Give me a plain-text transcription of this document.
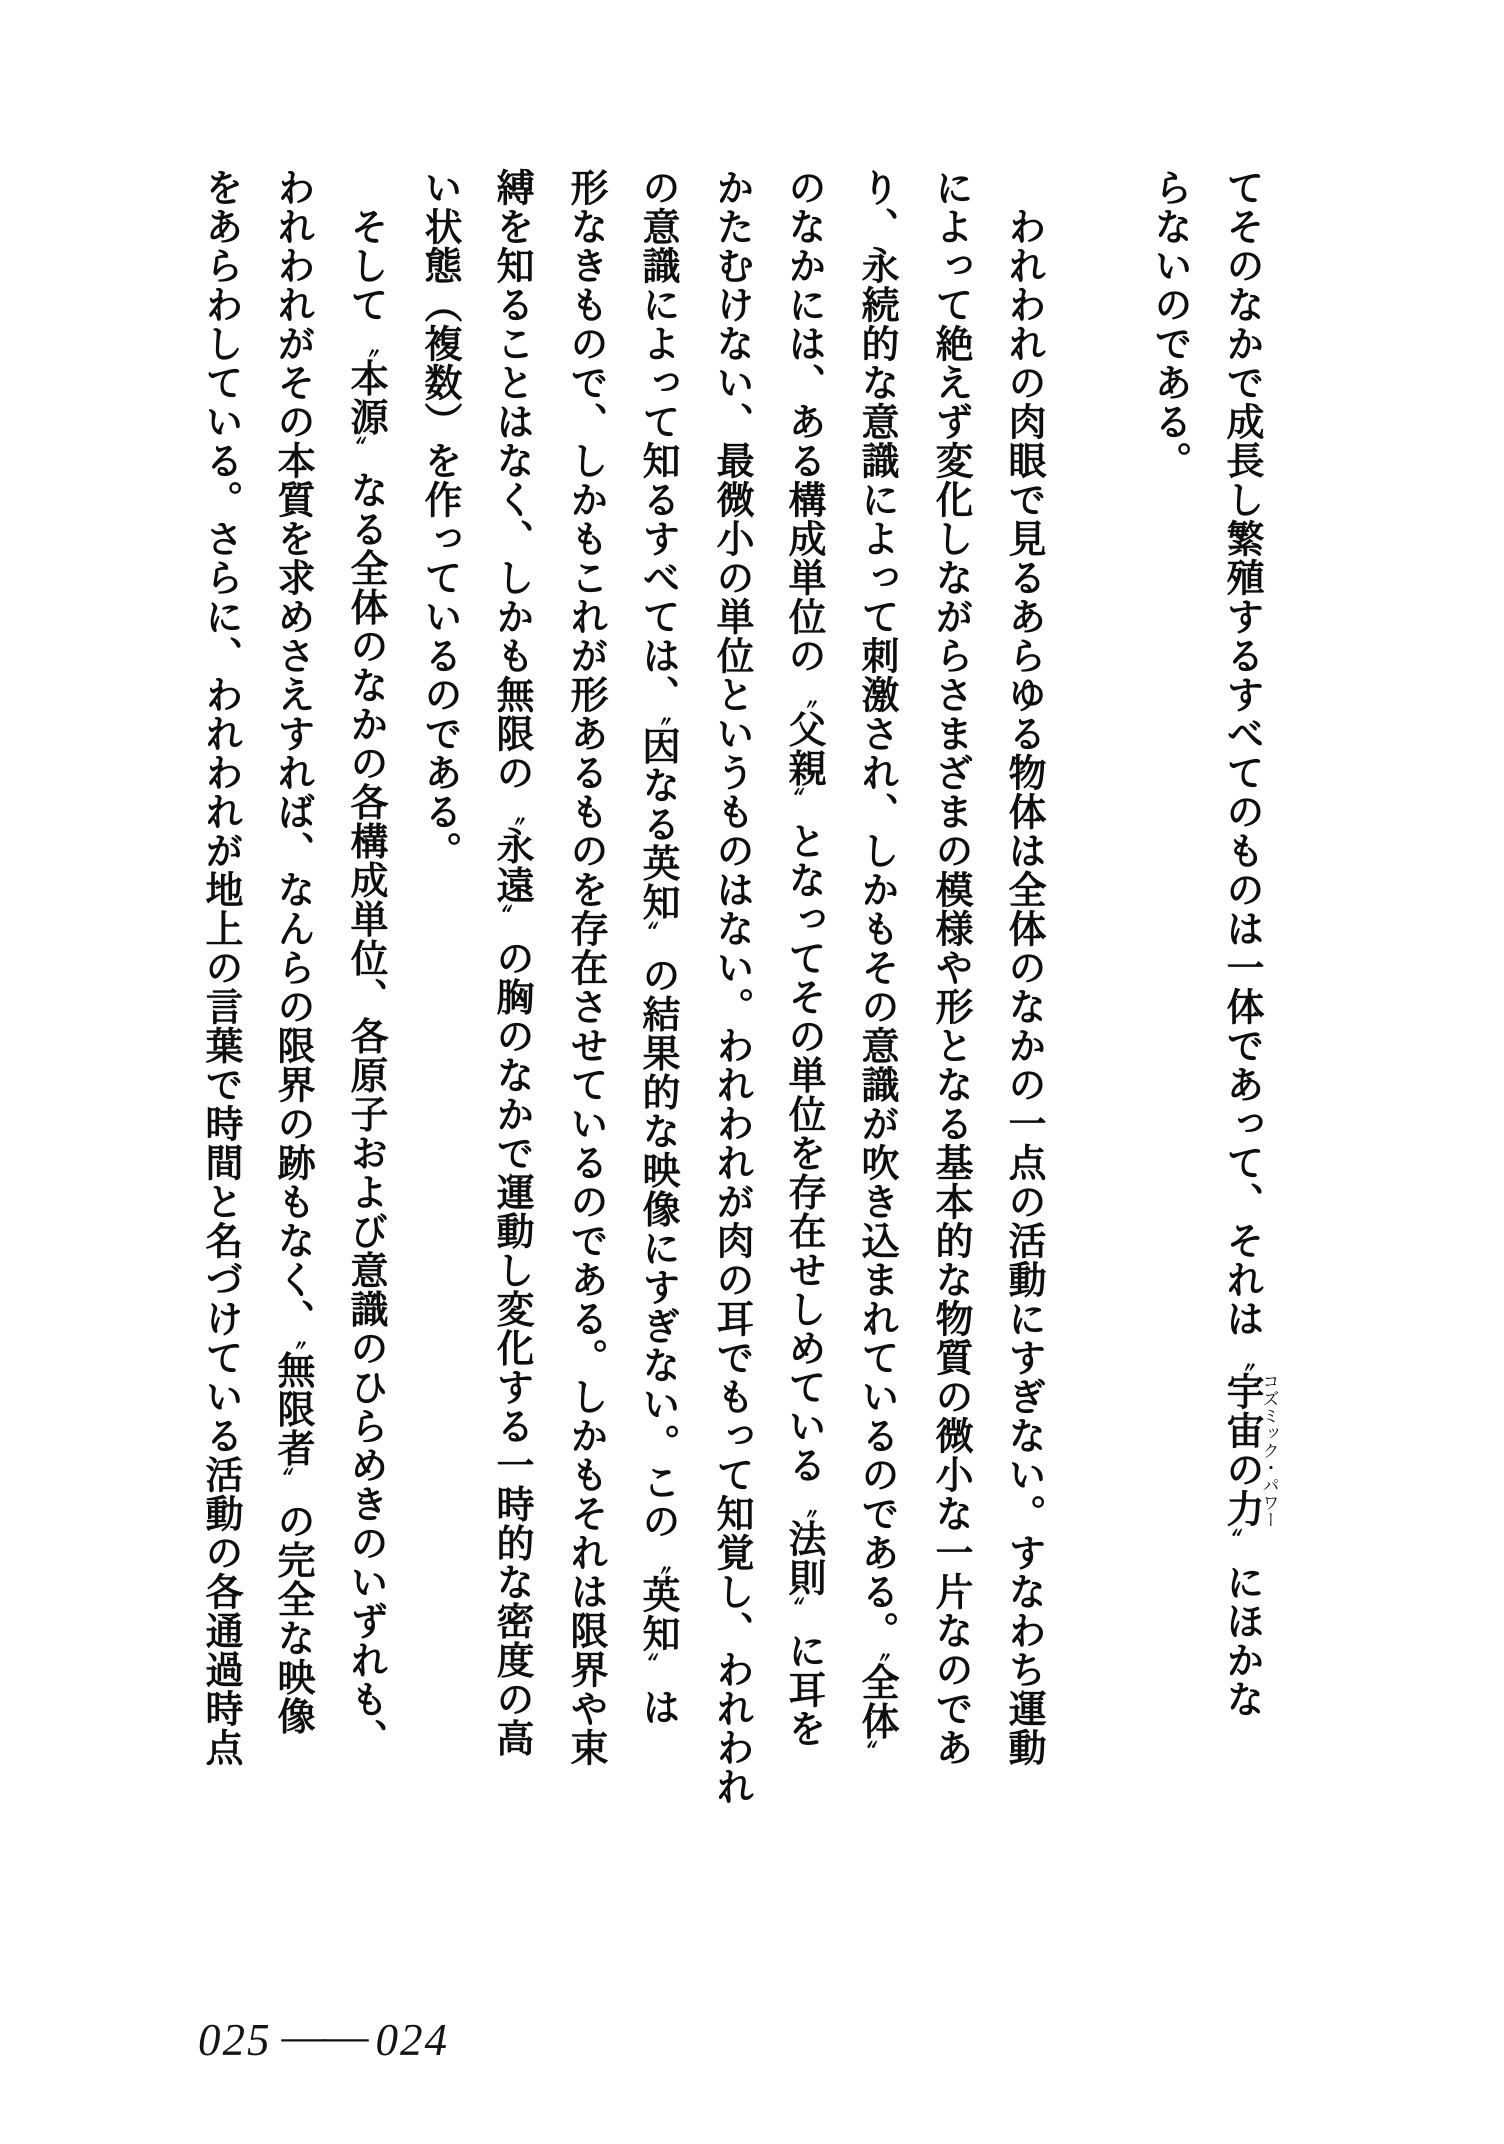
てそのなかで成長し繁殖するすべてのものは一体であって、それは 〝宇宙の力コズミック・パワー〟 にほかな
らないのである。
　われわれの肉眼で見るあらゆる物体は全体のなかの一点の活動にすぎない。すなわち運動
によって絶えず変化しながらさまざまの模様や形となる基本的な物質の微小な一片なのであ
り、永続的な意識によって刺激され、しかもその意識が吹き込まれているのである。〝全体〟
のなかには、ある構成単位の 〝父親〟 となってその単位を存在せしめている 〝法則〟 に耳を
かたむけない、最微小の単位というものはない。われわれが肉の耳でもって知覚し、われわれ
の意識によって知るすべては、〝因なる英知〟 の結果的な映像にすぎない。この 〝英知〟 は
形なきもので、しかもこれが形あるものを存在させているのである。しかもそれは限界や束
縛を知ることはなく、しかも無限の 〝永遠〟 の胸のなかで運動し変化する一時的な密度の高
い状態（複数）を作っているのである。
　そして 〝本源〟 なる全体のなかの各構成単位、各原子および意識のひらめきのいずれも、
われわれがその本質を求めさえすれば、なんらの限界の跡もなく、〝無限者〟 の完全な映像
をあらわしている。さらに、われわれが地上の言葉で時間と名づけている活動の各通過時点
025 ―― 024
